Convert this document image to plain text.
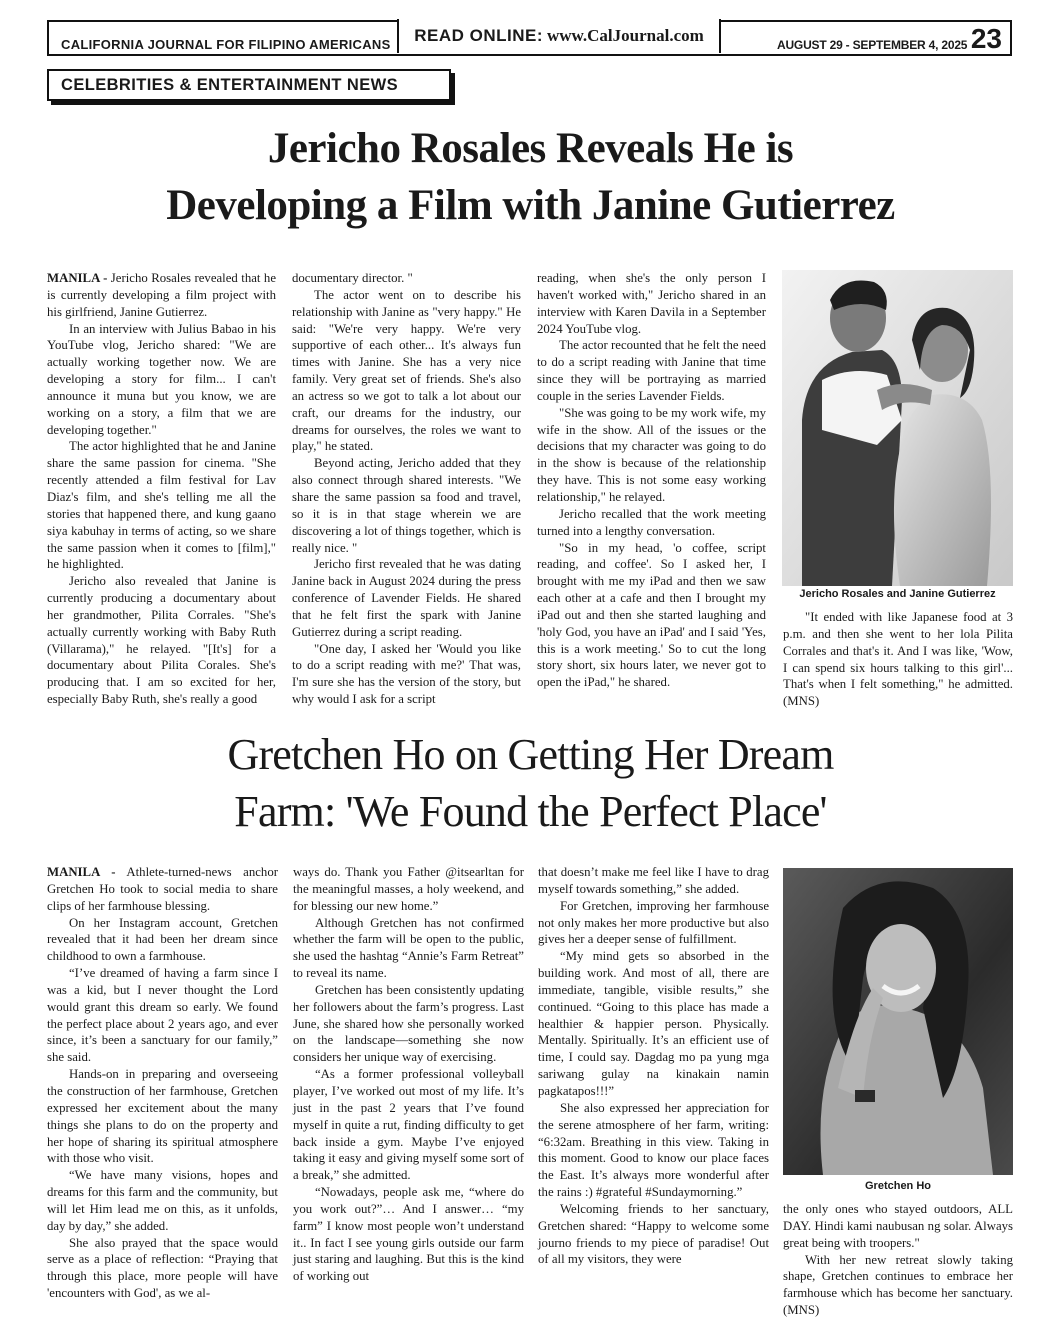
CALIFORNIA JOURNAL FOR FILIPINO AMERICANS	READ ONLINE: www.CalJournal.com	AUGUST 29 - SEPTEMBER 4, 2025 23
CELEBRITIES & ENTERTAINMENT NEWS
Jericho Rosales Reveals He is
Developing a Film with Janine Gutierrez

MANILA - Jericho Rosales revealed that he is currently developing a film project with his girlfriend, Janine Gutierrez.

In an interview with Julius Babao in his YouTube vlog, Jericho shared: "We are actually working together now. We are developing a story for film... I can't announce it muna but you know, we are working on a story, a film that we are developing together."

The actor highlighted that he and Janine share the same passion for cinema. "She recently attended a film festival for Lav Diaz's film, and she's telling me all the stories that happened there, and kung gaano siya kabuhay in terms of acting, so we share the same passion when it comes to [film]," he highlighted.

Jericho also revealed that Janine is currently producing a documentary about her grandmother, Pilita Corrales. "She's actually currently working with Baby Ruth (Villarama)," he relayed. "[It's] for a documentary about Pilita Corales. She's producing that. I am so excited for her, especially Baby Ruth, she's really a good

documentary director. "

The actor went on to describe his relationship with Janine as "very happy." He said: "We're very happy. We're very supportive of each other... It's always fun times with Janine. She has a very nice family. Very great set of friends. She's also an actress so we got to talk a lot about our craft, our dreams for the industry, our dreams for ourselves, the roles we want to play," he stated.

Beyond acting, Jericho added that they also connect through shared interests. "We share the same passion sa food and travel, so it is in that stage wherein we are discovering a lot of things together, which is really nice. "

Jericho first revealed that he was dating Janine back in August 2024 during the press conference of Lavender Fields. He shared that he felt first the spark with Janine Gutierrez during a script reading.

"One day, I asked her 'Would you like to do a script reading with me?' That was, I'm sure she has the version of the story, but why would I ask for a script

reading, when she's the only person I haven't worked with," Jericho shared in an interview with Karen Davila in a September 2024 YouTube vlog.

The actor recounted that he felt the need to do a script reading with Janine that time since they will be portraying as married couple in the series Lavender Fields.

"She was going to be my work wife, my wife in the show. All of the issues or the decisions that my character was going to do in the show is because of the relationship they have. This is not some easy working relationship," he relayed.

Jericho recalled that the work meeting turned into a lengthy conversation.

"So in my head, 'o coffee, script reading, and coffee'. So I asked her, I brought with me my iPad and then we saw each other at a cafe and then I brought my iPad out and then she started laughing and 'holy God, you have an iPad' and I said 'Yes, this is a work meeting.' So to cut the long story short, six hours later, we never got to open the iPad," he shared.

Jericho Rosales and Janine Gutierrez

"It ended with like Japanese food at 3 p.m. and then she went to her lola Pilita Corrales and that's it. And I was like, 'Wow, I can spend six hours talking to this girl'... That's when I felt something," he admitted. (MNS)

Gretchen Ho on Getting Her Dream
Farm: 'We Found the Perfect Place'

MANILA - Athlete-turned-news anchor Gretchen Ho took to social media to share clips of her farmhouse blessing.

On her Instagram account, Gretchen revealed that it had been her dream since childhood to own a farmhouse.

“I’ve dreamed of having a farm since I was a kid, but I never thought the Lord would grant this dream so early. We found the perfect place about 2 years ago, and ever since, it’s been a sanctuary for our family,” she said.

Hands-on in preparing and overseeing the construction of her farmhouse, Gretchen expressed her excitement about the many things she plans to do on the property and her hope of sharing its spiritual atmosphere with those who visit.

“We have many visions, hopes and dreams for this farm and the community, but will let Him lead me on this, as it unfolds, day by day,” she added.

She also prayed that the space would serve as a place of reflection: “Praying that through this place, more people will have 'encounters with God', as we al-

ways do. Thank you Father @itsearltan for the meaningful masses, a holy weekend, and for blessing our new home.”

Although Gretchen has not confirmed whether the farm will be open to the public, she used the hashtag “Annie’s Farm Retreat” to reveal its name.

Gretchen has been consistently updating her followers about the farm’s progress. Last June, she shared how she personally worked on the landscape—something she now considers her unique way of exercising.

“As a former professional volleyball player, I’ve worked out most of my life. It’s just in the past 2 years that I’ve found myself in quite a rut, finding difficulty to get back inside a gym. Maybe I’ve enjoyed taking it easy and giving myself some sort of a break,” she admitted.

“Nowadays, people ask me, “where do you work out?”… And I answer… “my farm” I know most people won’t understand it.. In fact I see young girls outside our farm just staring and laughing. But this is the kind of working out

that doesn’t make me feel like I have to drag myself towards something,” she added.

For Gretchen, improving her farmhouse not only makes her more productive but also gives her a deeper sense of fulfillment.

“My mind gets so absorbed in the building work. And most of all, there are immediate, tangible, visible results,” she continued. “Going to this place has made a healthier & happier person. Physically. Mentally. Spiritually. It’s an efficient use of time, I could say. Dagdag mo pa yung mga sariwang gulay na kinakain namin pagkatapos!!!”

She also expressed her appreciation for the serene atmosphere of her farm, writing: “6:32am. Breathing in this view. Taking in this moment. Good to know our place faces the East. It’s always more wonderful after the rains :) #grateful #Sundaymorning.”

Welcoming friends to her sanctuary, Gretchen shared: “Happy to welcome some journo friends to my piece of paradise! Out of all my visitors, they were

Gretchen Ho

the only ones who stayed outdoors, ALL DAY. Hindi kami naubusan ng solar. Always great being with troopers."

With her new retreat slowly taking shape, Gretchen continues to embrace her farmhouse which has become her sanctuary. (MNS)
